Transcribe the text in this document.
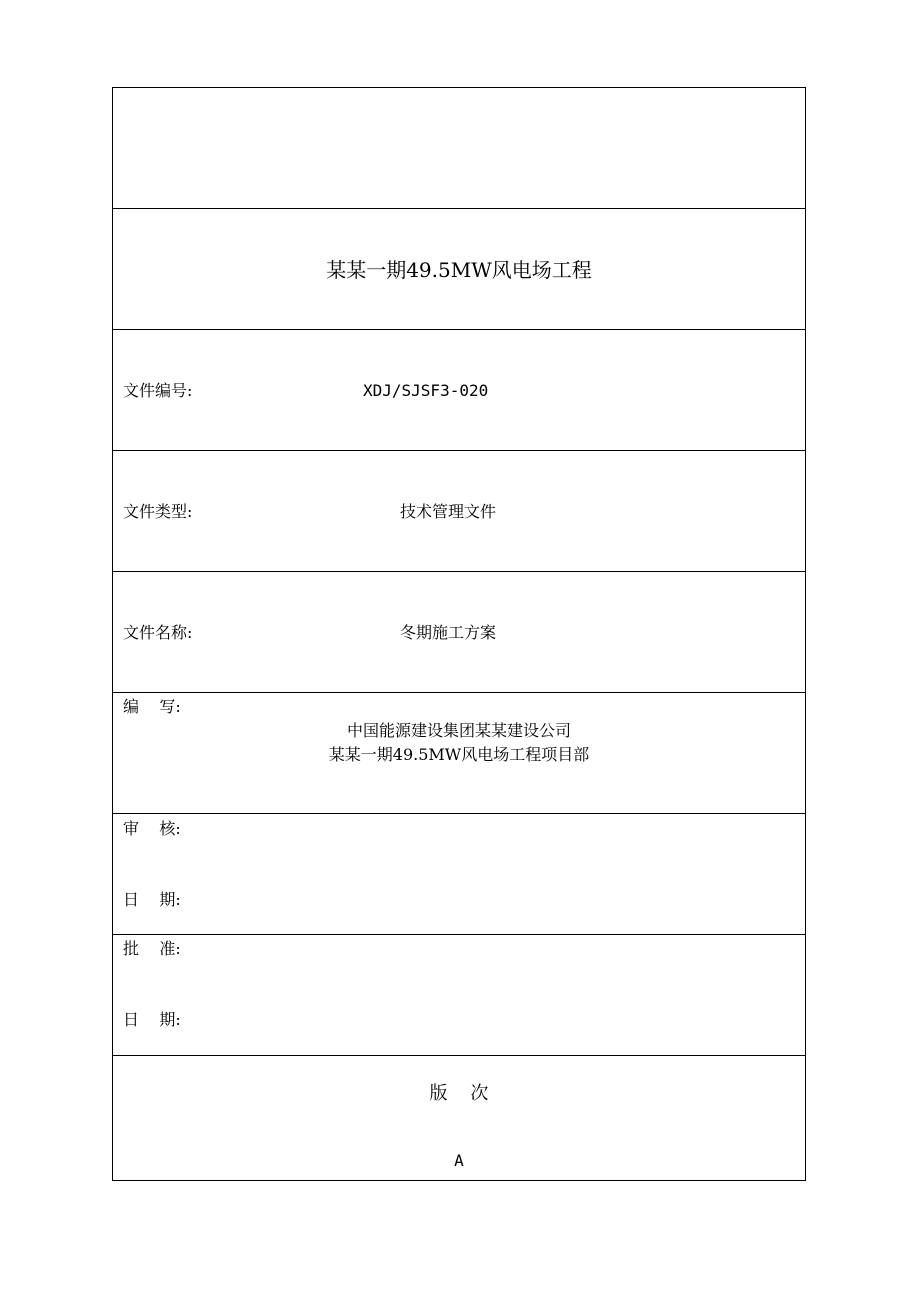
某某一期49.5MW风电场工程
文件编号:	XDJ/SJSF3-020
文件类型:	技术管理文件
文件名称:	冬期施工方案
编    写:
中国能源建设集团某某建设公司
某某一期49.5MW风电场工程项目部
审    核:
日    期:
批    准:
日    期:
版    次
A
